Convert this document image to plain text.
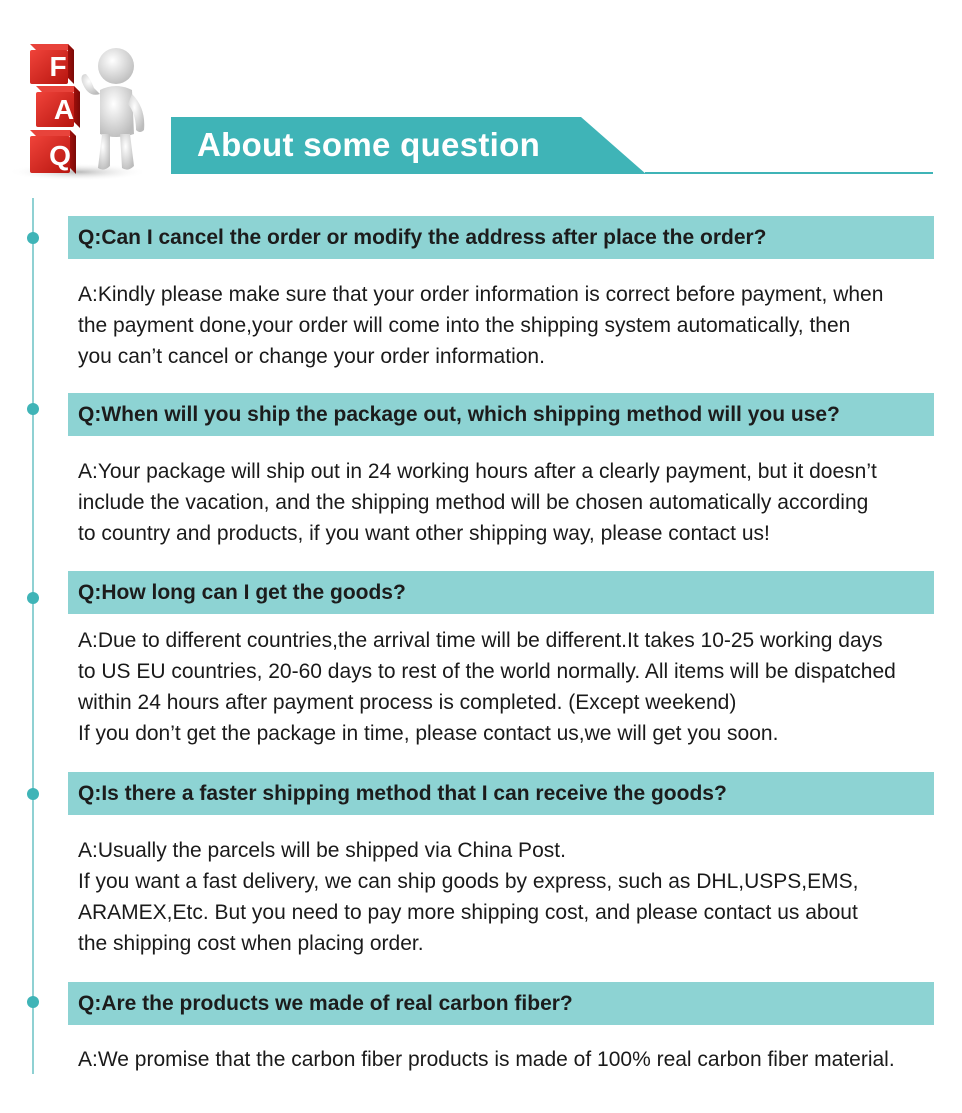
F
A
Q	About some question
Q:Can I cancel the order or modify the address after place the order?
A:Kindly please make sure that your order information is correct before payment, when
the payment done,your order will come into the shipping system automatically, then
you can’t cancel or change your order information.
Q:When will you ship the package out, which shipping method will you use?
A:Your package will ship out in 24 working hours after a clearly payment, but it doesn’t
include the vacation, and the shipping method will be chosen automatically according
to country and products, if you want other shipping way, please contact us!
Q:How long can I get the goods?
A:Due to different countries,the arrival time will be different.It takes 10-25 working days
to US EU countries, 20-60 days to rest of the world normally. All items will be dispatched
within 24 hours after payment process is completed. (Except weekend)
If you don’t get the package in time, please contact us,we will get you soon.
Q:Is there a faster shipping method that I can receive the goods?
A:Usually the parcels will be shipped via China Post.
If you want a fast delivery, we can ship goods by express, such as DHL,USPS,EMS,
ARAMEX,Etc. But you need to pay more shipping cost, and please contact us about
the shipping cost when placing order.
Q:Are the products we made of real carbon fiber?
A:We promise that the carbon fiber products is made of 100% real carbon fiber material.
